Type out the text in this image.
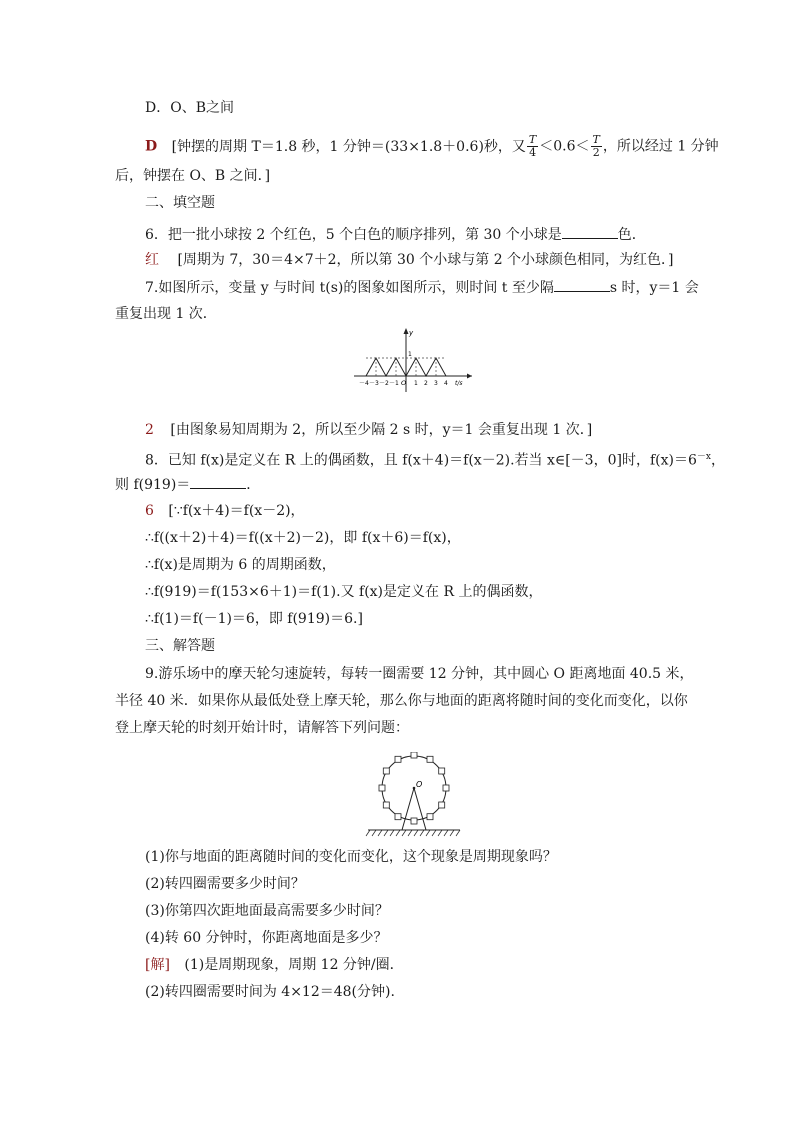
D．O、B之间
D [钟摆的周期 T＝1.8 秒，1 分钟＝(33×1.8＋0.6)秒，又 $\frac{T}{4} <0.6< \frac{T}{2}$ ，所以经过 1 分钟
后，钟摆在 O、B 之间．]
二、填空题
6．把一批小球按 2 个红色，5 个白色的顺序排列，第 30 个小球是	色．
红 [周期为 7，30＝4×7＋2，所以第 30 个小球与第 2 个小球颜色相同，为红色．]
7.如图所示，变量 y 与时间 t(s)的图象如图所示，则时间 t 至少隔	s 时，y＝1 会
重复出现 1 次．
y
1
t/s
O
－4 －3 －2 －1	1 2 3 4
2 [由图象易知周期为 2，所以至少隔 2 s 时，y＝1 会重复出现 1 次．]
8．已知 f(x)是定义在 R 上的偶函数，且 f(x＋4)＝f(x－2).若当 x∈[－3，0]时，$f(x)=6^{-x}$，
则 f(919)＝	．
6 [∵f(x＋4)＝f(x－2)，
∴f((x＋2)＋4)＝f((x＋2)－2)，即 f(x＋6)＝f(x)，
∴f(x)是周期为 6 的周期函数，
∴f(919)＝f(153×6＋1)＝f(1).又 f(x)是定义在 R 上的偶函数，
∴f(1)＝f(－1)＝6，即 f(919)＝6.]
三、解答题
9.游乐场中的摩天轮匀速旋转，每转一圈需要 12 分钟，其中圆心 O 距离地面 40.5 米，
半径 40 米．如果你从最低处登上摩天轮，那么你与地面的距离将随时间的变化而变化，以你
登上摩天轮的时刻开始计时，请解答下列问题：
O
(1)你与地面的距离随时间的变化而变化，这个现象是周期现象吗？
(2)转四圈需要多少时间？
(3)你第四次距地面最高需要多少时间？
(4)转 60 分钟时，你距离地面是多少？
[解] (1)是周期现象，周期 12 分钟/圈．
(2)转四圈需要时间为 4×12＝48(分钟).
